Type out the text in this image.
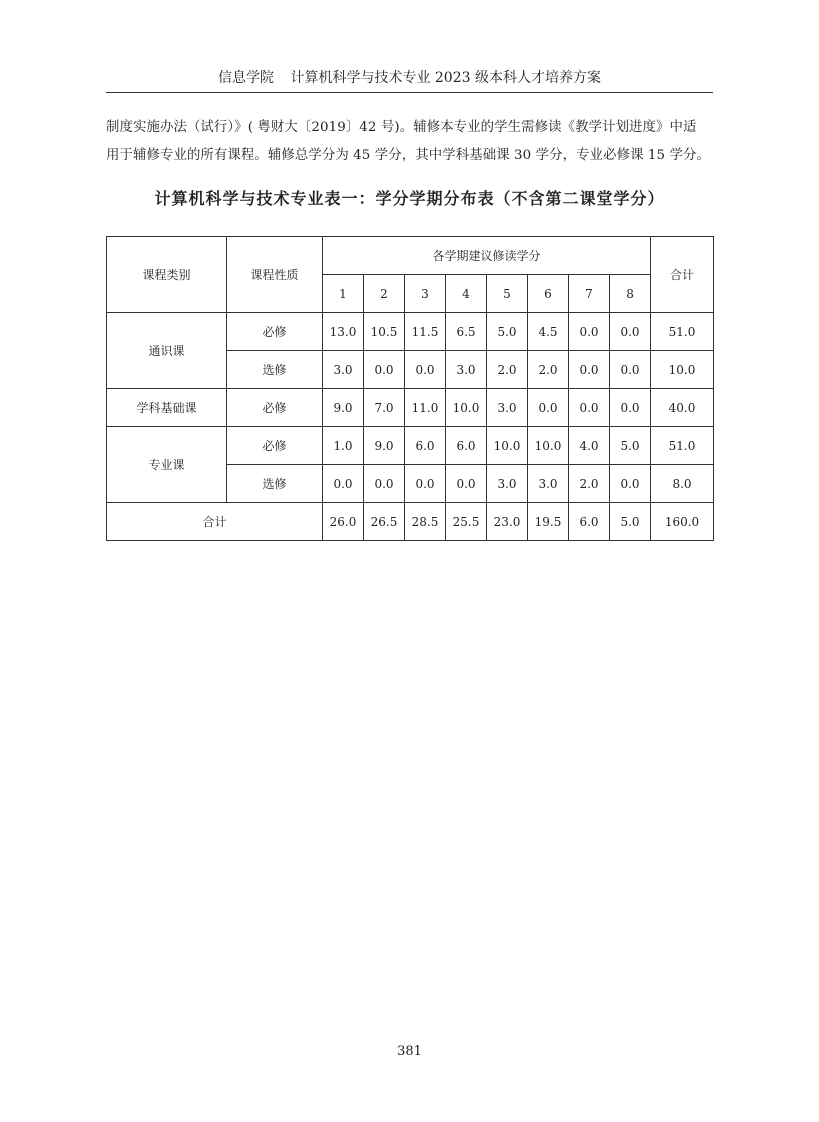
信息学院 计算机科学与技术专业 2023 级本科人才培养方案

制度实施办法（试行）》( 粤财大〔2019〕42 号)。辅修本专业的学生需修读《教学计划进度》中适

用于辅修专业的所有课程。辅修总学分为 45 学分，其中学科基础课 30 学分，专业必修课 15 学分。

计算机科学与技术专业表一：学分学期分布表（不含第二课堂学分）
课程类别	课程性质	各学期建议修读学分								合计
		1	2	3	4	5	6	7	8	
通识课	必修	13.0	10.5	11.5	6.5	5.0	4.5	0.0	0.0	51.0
	选修	3.0	0.0	0.0	3.0	2.0	2.0	0.0	0.0	10.0
学科基础课	必修	9.0	7.0	11.0	10.0	3.0	0.0	0.0	0.0	40.0
专业课	必修	1.0	9.0	6.0	6.0	10.0	10.0	4.0	5.0	51.0
	选修	0.0	0.0	0.0	0.0	3.0	3.0	2.0	0.0	8.0
合计		26.0	26.5	28.5	25.5	23.0	19.5	6.0	5.0	160.0
381
